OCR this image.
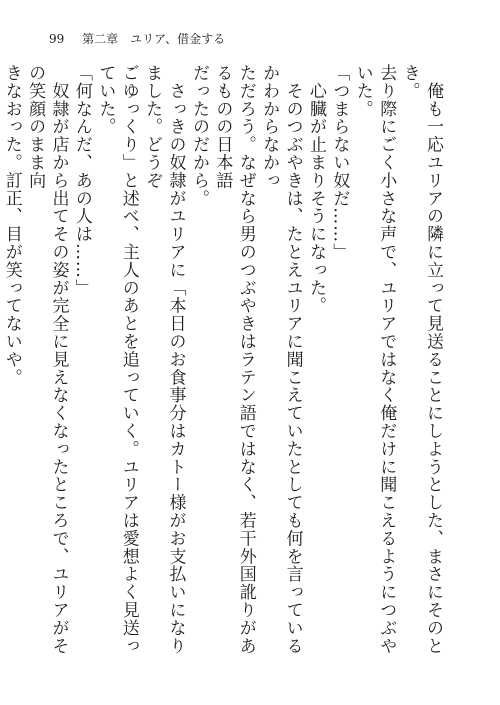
99 第二章　ユリア、借金する

　俺も一応ユリアの隣に立って見送ることにしようとした、まさにそのとき。

去り際にごく小さな声で、ユリアではなく俺だけに聞こえるようにつぶやいた。

「つまらない奴だ……」

　心臓が止まりそうになった。

　そのつぶやきは、たとえユリアに聞こえていたとしても何を言っているかわからなかっ

ただろう。なぜなら男のつぶやきはラテン語ではなく、若干外国訛りがあるものの日本語

だったのだから。

　さっきの奴隷がユリアに「本日のお食事分はカトー様がお支払いになりました。どうぞ

ごゆっくり」と述べ、主人のあとを追っていく。ユリアは愛想よく見送っていた。

「何なんだ、あの人は……」

　奴隷が店から出てその姿が完全に見えなくなったところで、ユリアがその笑顔のまま向

きなおった。訂正、目が笑ってないや。
